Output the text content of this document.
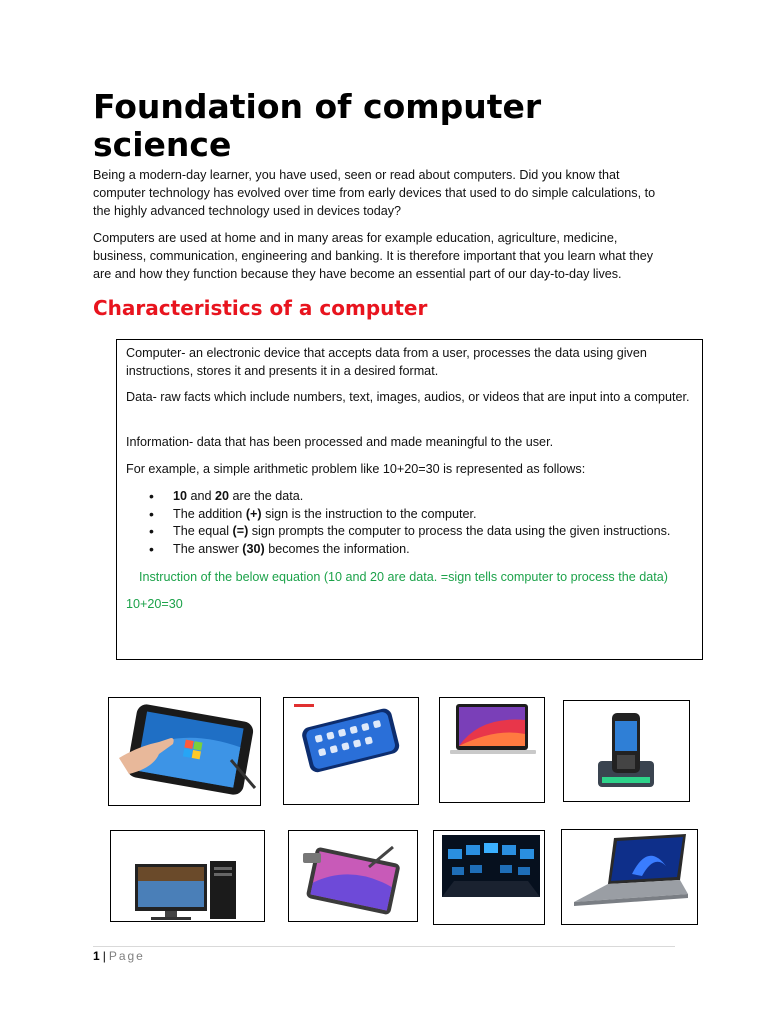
Foundation of computer science

Being a modern-day learner, you have used, seen or read about computers. Did you know that computer technology has evolved over time from early devices that used to do simple calculations, to the highly advanced technology used in devices today?

Computers are used at home and in many areas for example education, agriculture, medicine, business, communication, engineering and banking. It is therefore important that you learn what they are and how they function because they have become an essential part of our day-to-day lives.

Characteristics of a computer

Computer- an electronic device that accepts data from a user, processes the data using given instructions, stores it and presents it in a desired format.

Data- raw facts which include numbers, text, images, audios, or videos that are input into a computer.

Information- data that has been processed and made meaningful to the user.

For example, a simple arithmetic problem like 10+20=30 is represented as follows:

• 10 and 20 are the data.
• The addition (+) sign is the instruction to the computer.
• The equal (=) sign prompts the computer to process the data using the given instructions.
• The answer (30) becomes the information.

Instruction of the below equation (10 and 20 are data. =sign tells computer to process the data)

10+20=30

1 | Page
